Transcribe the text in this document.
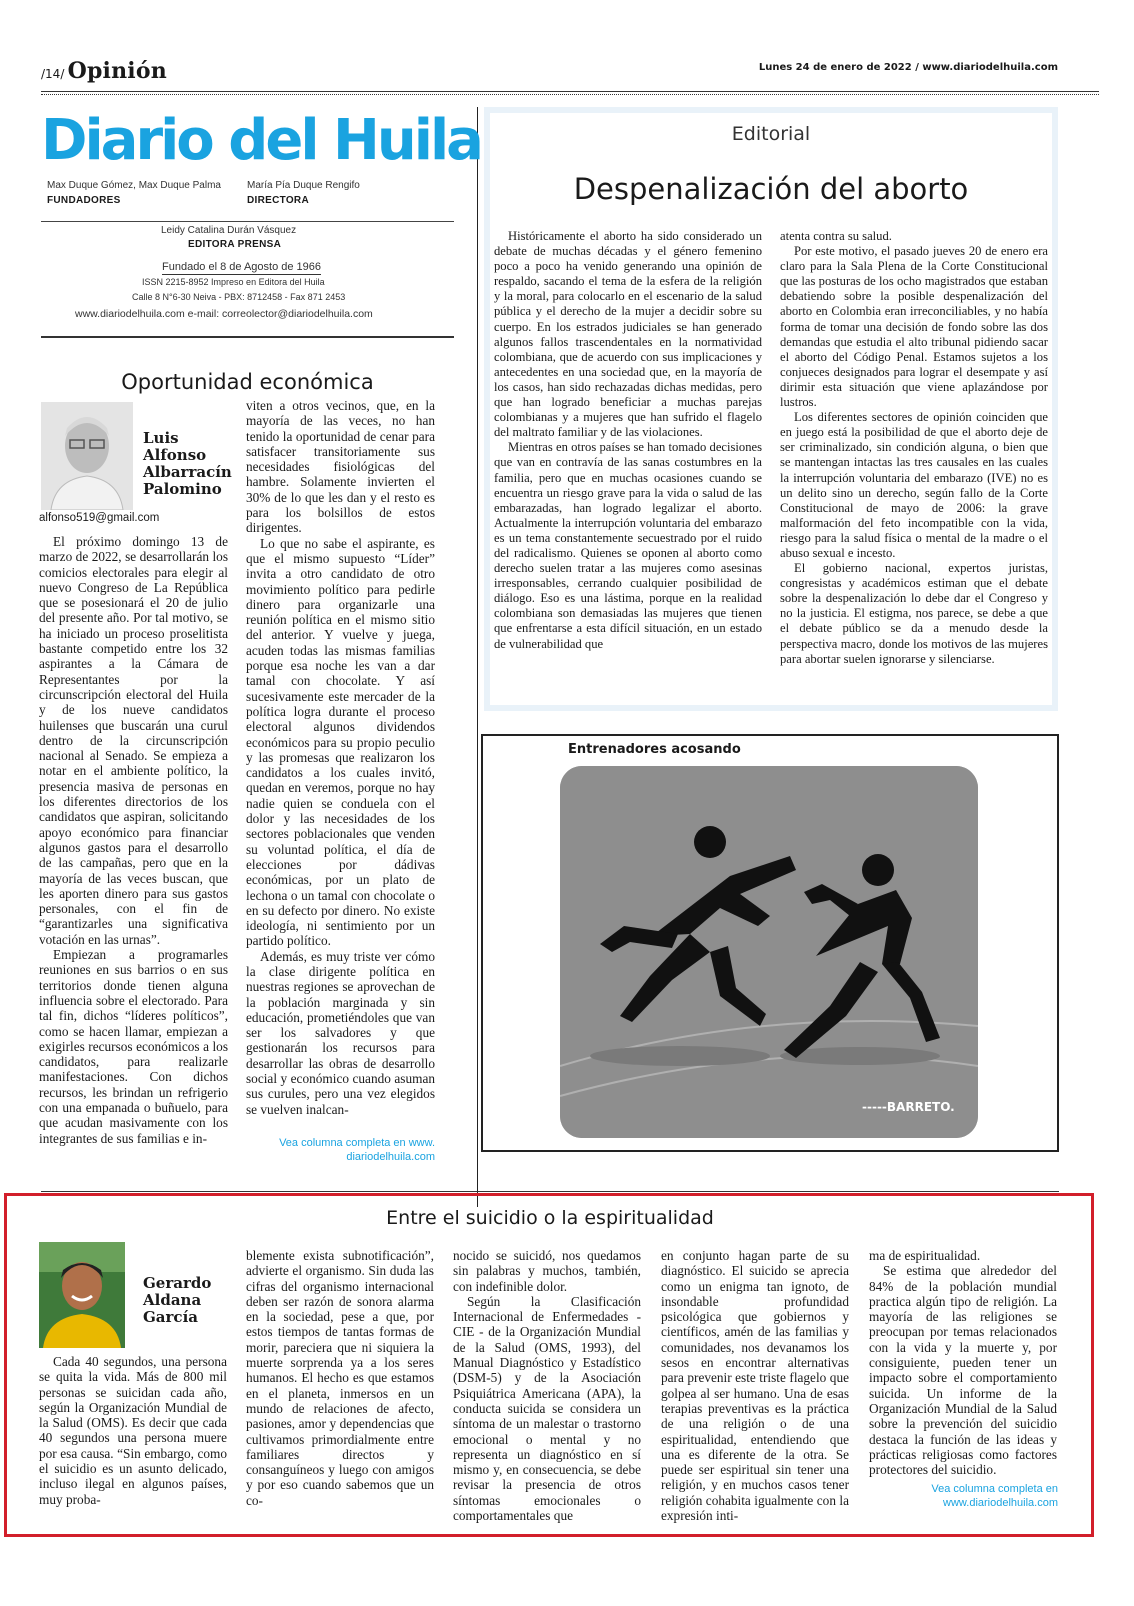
/14/ Opinión	Lunes 24 de enero de 2022 / www.diariodelhuila.com
Diario del Huila
Max Duque Gómez, Max Duque Palma
FUNDADORES
María Pía Duque Rengifo
DIRECTORA
Leidy Catalina Durán Vásquez
EDITORA PRENSA
Fundado el 8 de Agosto de 1966
ISSN 2215-8952 Impreso en Editora del Huila
Calle 8 N°6-30 Neiva - PBX: 8712458 - Fax 871 2453
www.diariodelhuila.com e-mail: correolector@diariodelhuila.com
Oportunidad económica
Luis
Alfonso
Albarracín
Palomino
alfonso519@gmail.com

El próximo domingo 13 de marzo de 2022, se desarrollarán los comicios electorales para elegir al nuevo Congreso de La República que se posesionará el 20 de julio del presente año. Por tal motivo, se ha iniciado un proceso proselitista bastante competido entre los 32 aspirantes a la Cámara de Representantes por la circunscripción electoral del Huila y de los nueve candidatos huilenses que buscarán una curul dentro de la circunscripción nacional al Senado. Se empieza a notar en el ambiente político, la presencia masiva de personas en los diferentes directorios de los candidatos que aspiran, solicitando apoyo económico para financiar algunos gastos para el desarrollo de las campañas, pero que en la mayoría de las veces buscan, que les aporten dinero para sus gastos personales, con el fin de “garantizarles una significativa votación en las urnas”.

Empiezan a programarles reuniones en sus barrios o en sus territorios donde tienen alguna influencia sobre el electorado. Para tal fin, dichos “líderes políticos”, como se hacen llamar, empiezan a exigirles recursos económicos a los candidatos, para realizarle manifestaciones. Con dichos recursos, les brindan un refrigerio con una empanada o buñuelo, para que acudan masivamente con los integrantes de sus familias e in-

viten a otros vecinos, que, en la mayoría de las veces, no han tenido la oportunidad de cenar para satisfacer transitoriamente sus necesidades fisiológicas del hambre. Solamente invierten el 30% de lo que les dan y el resto es para los bolsillos de estos dirigentes.

Lo que no sabe el aspirante, es que el mismo supuesto “Líder” invita a otro candidato de otro movimiento político para pedirle dinero para organizarle una reunión política en el mismo sitio del anterior. Y vuelve y juega, acuden todas las mismas familias porque esa noche les van a dar tamal con chocolate. Y así sucesivamente este mercader de la política logra durante el proceso electoral algunos dividendos económicos para su propio peculio y las promesas que realizaron los candidatos a los cuales invitó, quedan en veremos, porque no hay nadie quien se conduela con el dolor y las necesidades de los sectores poblacionales que venden su voluntad política, el día de elecciones por dádivas económicas, por un plato de lechona o un tamal con chocolate o en su defecto por dinero. No existe ideología, ni sentimiento por un partido político.

Además, es muy triste ver cómo la clase dirigente política en nuestras regiones se aprovechan de la población marginada y sin educación, prometiéndoles que van ser los salvadores y que gestionarán los recursos para desarrollar las obras de desarrollo social y económico cuando asuman sus curules, pero una vez elegidos se vuelven inalcan-

Vea columna completa en www.
diariodelhuila.com
Editorial
Despenalización del aborto

Históricamente el aborto ha sido considerado un debate de muchas décadas y el género femenino poco a poco ha venido generando una opinión de respaldo, sacando el tema de la esfera de la religión y la moral, para colocarlo en el escenario de la salud pública y el derecho de la mujer a decidir sobre su cuerpo. En los estrados judiciales se han generado algunos fallos trascendentales en la normatividad colombiana, que de acuerdo con sus implicaciones y antecedentes en una sociedad que, en la mayoría de los casos, han sido rechazadas dichas medidas, pero que han logrado beneficiar a muchas parejas colombianas y a mujeres que han sufrido el flagelo del maltrato familiar y de las violaciones.

Mientras en otros países se han tomado decisiones que van en contravía de las sanas costumbres en la familia, pero que en muchas ocasiones cuando se encuentra un riesgo grave para la vida o salud de las embarazadas, han logrado legalizar el aborto. Actualmente la interrupción voluntaria del embarazo es un tema constantemente secuestrado por el ruido del radicalismo. Quienes se oponen al aborto como derecho suelen tratar a las mujeres como asesinas irresponsables, cerrando cualquier posibilidad de diálogo. Eso es una lástima, porque en la realidad colombiana son demasiadas las mujeres que tienen que enfrentarse a esta difícil situación, en un estado de vulnerabilidad que

atenta contra su salud.

Por este motivo, el pasado jueves 20 de enero era claro para la Sala Plena de la Corte Constitucional que las posturas de los ocho magistrados que estaban debatiendo sobre la posible despenalización del aborto en Colombia eran irreconciliables, y no había forma de tomar una decisión de fondo sobre las dos demandas que estudia el alto tribunal pidiendo sacar el aborto del Código Penal. Estamos sujetos a los conjueces designados para lograr el desempate y así dirimir esta situación que viene aplazándose por lustros.

Los diferentes sectores de opinión coinciden que en juego está la posibilidad de que el aborto deje de ser criminalizado, sin condición alguna, o bien que se mantengan intactas las tres causales en las cuales la interrupción voluntaria del embarazo (IVE) no es un delito sino un derecho, según fallo de la Corte Constitucional de mayo de 2006: la grave malformación del feto incompatible con la vida, riesgo para la salud física o mental de la madre o el abuso sexual e incesto.

El gobierno nacional, expertos juristas, congresistas y académicos estiman que el debate sobre la despenalización lo debe dar el Congreso y no la justicia. El estigma, nos parece, se debe a que el debate público se da a menudo desde la perspectiva macro, donde los motivos de las mujeres para abortar suelen ignorarse y silenciarse.

Entrenadores acosando
-----BARRETO.
Entre el suicidio o la espiritualidad
Gerardo
Aldana
García

Cada 40 segundos, una persona se quita la vida. Más de 800 mil personas se suicidan cada año, según la Organización Mundial de la Salud (OMS). Es decir que cada 40 segundos una persona muere por esa causa. “Sin embargo, como el suicidio es un asunto delicado, incluso ilegal en algunos países, muy proba-

blemente exista subnotificación”, advierte el organismo. Sin duda las cifras del organismo internacional deben ser razón de sonora alarma en la sociedad, pese a que, por estos tiempos de tantas formas de morir, pareciera que ni siquiera la muerte sorprenda ya a los seres humanos. El hecho es que estamos en el planeta, inmersos en un mundo de relaciones de afecto, pasiones, amor y dependencias que cultivamos primordialmente entre familiares directos y consanguíneos y luego con amigos y por eso cuando sabemos que un co-

nocido se suicidó, nos quedamos sin palabras y muchos, también, con indefinible dolor.

Según la Clasificación Internacional de Enfermedades - CIE - de la Organización Mundial de la Salud (OMS, 1993), del Manual Diagnóstico y Estadístico (DSM-5) y de la Asociación Psiquiátrica Americana (APA), la conducta suicida se considera un síntoma de un malestar o trastorno emocional o mental y no representa un diagnóstico en sí mismo y, en consecuencia, se debe revisar la presencia de otros síntomas emocionales o comportamentales que

en conjunto hagan parte de su diagnóstico. El suicido se aprecia como un enigma tan ignoto, de insondable profundidad psicológica que gobiernos y científicos, amén de las familias y comunidades, nos devanamos los sesos en encontrar alternativas para prevenir este triste flagelo que golpea al ser humano. Una de esas terapias preventivas es la práctica de una religión o de una espiritualidad, entendiendo que una es diferente de la otra. Se puede ser espiritual sin tener una religión, y en muchos casos tener religión cohabita igualmente con la expresión inti-

ma de espiritualidad.

Se estima que alrededor del 84% de la población mundial practica algún tipo de religión. La mayoría de las religiones se preocupan por temas relacionados con la vida y la muerte y, por consiguiente, pueden tener un impacto sobre el comportamiento suicida. Un informe de la Organización Mundial de la Salud sobre la prevención del suicidio destaca la función de las ideas y prácticas religiosas como factores protectores del suicidio.

Vea columna completa en
www.diariodelhuila.com
